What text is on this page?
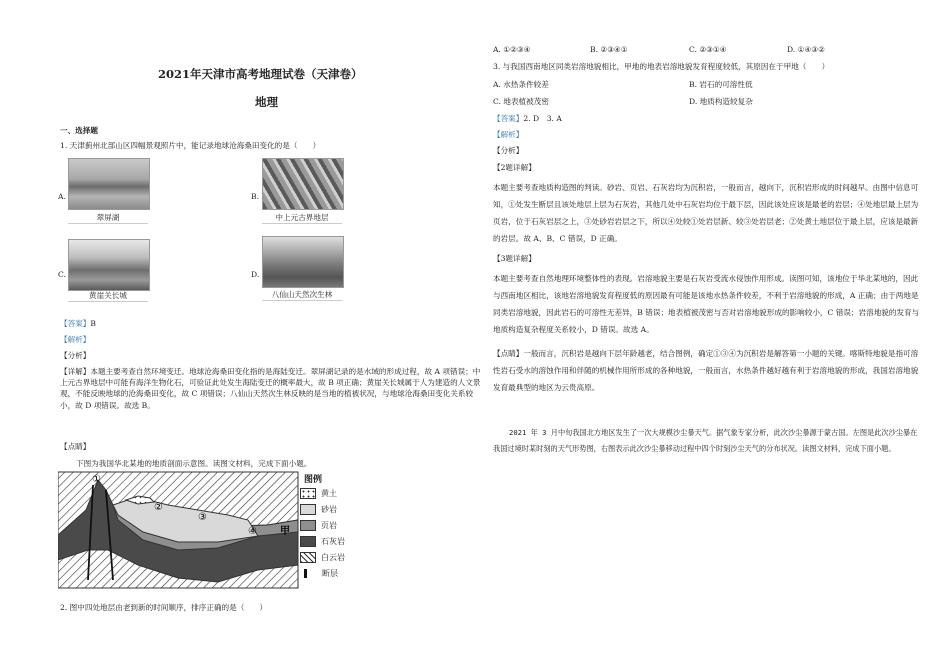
2021年天津市高考地理试卷（天津卷）
地理
一、选择题
1. 天津蓟州北部山区四幅景观照片中，能记录地球沧海桑田变化的是（　　）
A.
翠屏湖
B.
中上元古界地层
C.
黄崖关长城
D.
八仙山天然次生林
【答案】B
【解析】
【分析】
【详解】本题主要考查自然环境变迁。地球沧海桑田变化指的是海陆变迁。翠屏湖记录的是水域的形成过程，故 A 项错误；中上元古界地层中可能有海洋生物化石，可验证此处发生海陆变迁的概率最大，故 B 项正确；黄崖关长城属于人为建造的人文景观，不能反映地球的沧海桑田变化，故 C 项错误；八仙山天然次生林反映的是当地的植被状况，与地球沧海桑田变化关系较小，故 D 项错误。故选 B。
【点睛】
下图为我国华北某地的地质剖面示意图。读图文材料，完成下面小题。
①
②
③
④ 甲
图例
黄土
砂岩
页岩
石灰岩
白云岩
断层
2. 图中四处地层由老到新的时间顺序，排序正确的是（　　）
A. ①②③④	B. ②③④①	C. ②③①④	D. ①④③②
3. 与我国西南地区同类岩溶地貌相比，甲地的地表岩溶地貌发育程度较低，其原因在于甲地（　　）
A. 水热条件较差	B. 岩石的可溶性低
C. 地表植被茂密	D. 地质构造较复杂
【答案】2. D　3. A
【解析】
【分析】
【2题详解】
本题主要考查地质构造图的判读。砂岩、页岩、石灰岩均为沉积岩，一般而言，越向下，沉积岩形成的时间越早。由图中信息可知，①处发生断层且该处地层上层为石灰岩，其他几处中石灰岩均位于最下层，因此该处应该是最老的岩层；④处地层最上层为页岩，位于石灰岩层之上，③处砂岩岩层之下，所以④处较①处岩层新、较③处岩层老；②处黄土地层位于最上层，应该是最新的岩层。故 A、B、C 错误，D 正确。
【3题详解】
本题主要考查自然地理环境整体性的表现。岩溶地貌主要是石灰岩受流水侵蚀作用形成。读图可知，该地位于华北某地的，因此与西南地区相比，该地岩溶地貌发育程度低的原因最有可能是该地水热条件较差，不利于岩溶地貌的形成，A 正确；由于两地是同类岩溶地貌，因此岩石的可溶性无差异，B 错误；地表植被茂密与否对岩溶地貌形成的影响较小，C 错误；岩溶地貌的发育与地质构造复杂程度关系较小，D 错误。故选 A。
【点睛】一般而言，沉积岩是越向下层年龄越老，结合图例，确定①③④为沉积岩是解答第一小题的关键。喀斯特地貌是指可溶性岩石受水的溶蚀作用和伴随的机械作用所形成的各种地貌，一般而言，水热条件越好越有利于岩溶地貌的形成，我国岩溶地貌发育最典型的地区为云贵高原。
2021 年 3 月中旬我国北方地区发生了一次大规模沙尘暴天气。据气象专家分析，此次沙尘暴源于蒙古国。左图是此次沙尘暴在我国过境时某时刻的天气形势图，右图表示此次沙尘暴移动过程中四个时刻沙尘天气的分布状况。读图文材料，完成下面小题。
